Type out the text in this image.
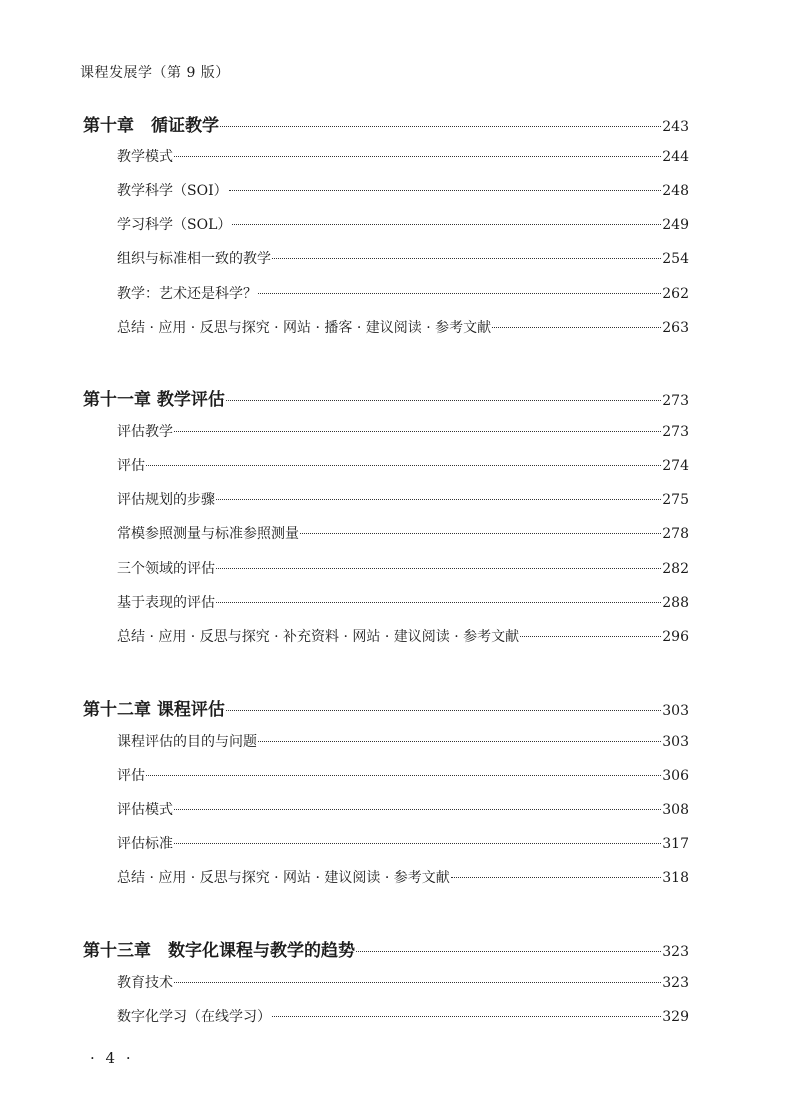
课程发展学（第 9 版）
第十章　循证教学	243
教学模式	244
教学科学（SOI）	248
学习科学（SOL）	249
组织与标准相一致的教学	254
教学：艺术还是科学？	262
总结 · 应用 · 反思与探究 · 网站 · 播客 · 建议阅读 · 参考文献	263
第十一章 教学评估	273
评估教学	273
评估	274
评估规划的步骤	275
常模参照测量与标准参照测量	278
三个领域的评估	282
基于表现的评估	288
总结 · 应用 · 反思与探究 · 补充资料 · 网站 · 建议阅读 · 参考文献	296
第十二章 课程评估	303
课程评估的目的与问题	303
评估	306
评估模式	308
评估标准	317
总结 · 应用 · 反思与探究 · 网站 · 建议阅读 · 参考文献	318
第十三章　数字化课程与教学的趋势	323
教育技术	323
数字化学习（在线学习）	329
· 4 ·
